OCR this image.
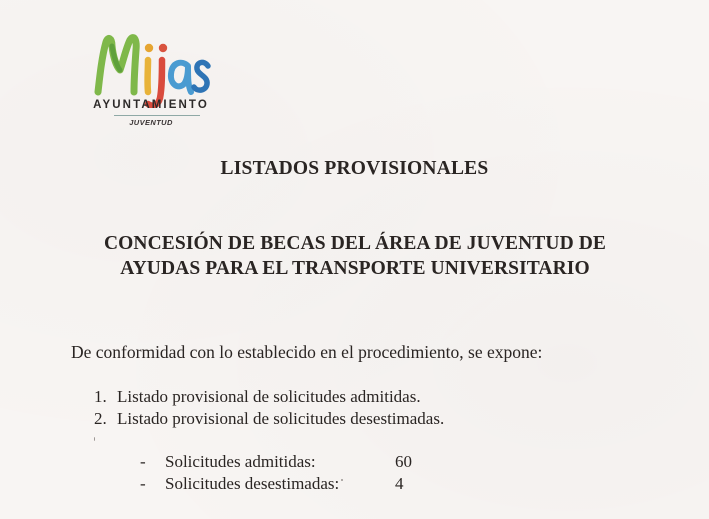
AYUNTAMIENTO
JUVENTUD
LISTADOS PROVISIONALES
CONCESIÓN DE BECAS DEL ÁREA DE JUVENTUD DE
AYUDAS PARA EL TRANSPORTE UNIVERSITARIO
De conformidad con lo establecido en el procedimiento, se expone:
1. Listado provisional de solicitudes admitidas.
2. Listado provisional de solicitudes desestimadas.
-	Solicitudes admitidas:	60
-	Solicitudes desestimadas:	4
